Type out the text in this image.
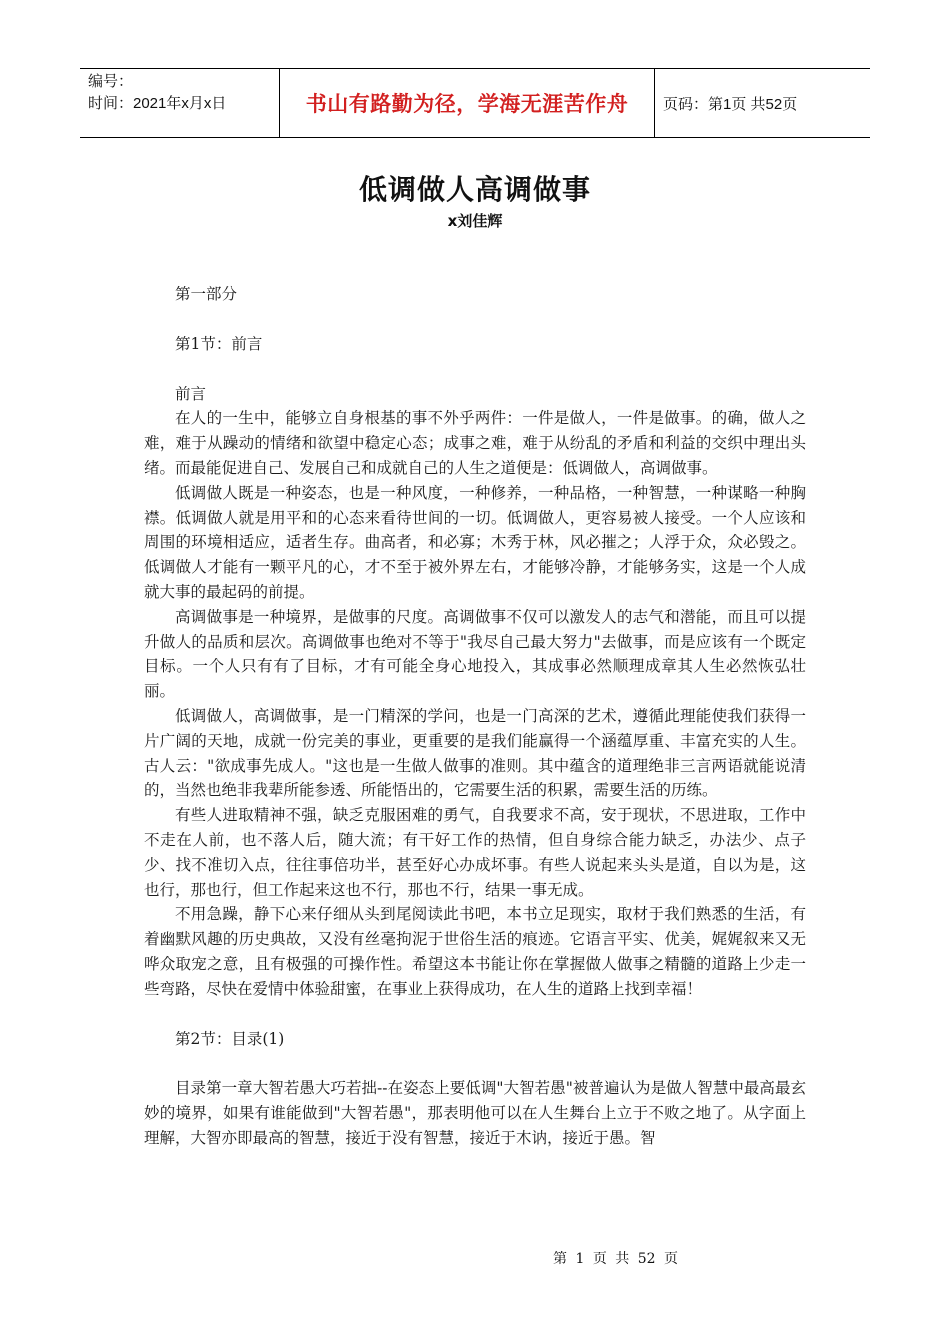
编号：
时间：2021年x月x日	书山有路勤为径，学海无涯苦作舟	页码：第1页 共52页
低调做人高调做事
x刘佳辉

第一部分

第1节：前言

前言

在人的一生中，能够立自身根基的事不外乎两件：一件是做人，一件是做事。的确，做人之难，难于从躁动的情绪和欲望中稳定心态；成事之难，难于从纷乱的矛盾和利益的交织中理出头绪。而最能促进自己、发展自己和成就自己的人生之道便是：低调做人，高调做事。

低调做人既是一种姿态，也是一种风度，一种修养，一种品格，一种智慧，一种谋略一种胸襟。低调做人就是用平和的心态来看待世间的一切。低调做人，更容易被人接受。一个人应该和周围的环境相适应，适者生存。曲高者，和必寡；木秀于林，风必摧之；人浮于众，众必毁之。低调做人才能有一颗平凡的心，才不至于被外界左右，才能够冷静，才能够务实，这是一个人成就大事的最起码的前提。

高调做事是一种境界，是做事的尺度。高调做事不仅可以激发人的志气和潜能，而且可以提升做人的品质和层次。高调做事也绝对不等于"我尽自己最大努力"去做事，而是应该有一个既定目标。一个人只有有了目标，才有可能全身心地投入，其成事必然顺理成章其人生必然恢弘壮丽。

低调做人，高调做事，是一门精深的学问，也是一门高深的艺术，遵循此理能使我们获得一片广阔的天地，成就一份完美的事业，更重要的是我们能赢得一个涵蕴厚重、丰富充实的人生。古人云："欲成事先成人。"这也是一生做人做事的准则。其中蕴含的道理绝非三言两语就能说清的，当然也绝非我辈所能参透、所能悟出的，它需要生活的积累，需要生活的历练。

有些人进取精神不强，缺乏克服困难的勇气，自我要求不高，安于现状，不思进取，工作中不走在人前，也不落人后，随大流；有干好工作的热情，但自身综合能力缺乏，办法少、点子少、找不准切入点，往往事倍功半，甚至好心办成坏事。有些人说起来头头是道，自以为是，这也行，那也行，但工作起来这也不行，那也不行，结果一事无成。

不用急躁，静下心来仔细从头到尾阅读此书吧，本书立足现实，取材于我们熟悉的生活，有着幽默风趣的历史典故，又没有丝毫拘泥于世俗生活的痕迹。它语言平实、优美，娓娓叙来又无哗众取宠之意，且有极强的可操作性。希望这本书能让你在掌握做人做事之精髓的道路上少走一些弯路，尽快在爱情中体验甜蜜，在事业上获得成功，在人生的道路上找到幸福！

第2节：目录(1)

目录第一章大智若愚大巧若拙--在姿态上要低调"大智若愚"被普遍认为是做人智慧中最高最玄妙的境界，如果有谁能做到"大智若愚"，那表明他可以在人生舞台上立于不败之地了。从字面上理解，大智亦即最高的智慧，接近于没有智慧，接近于木讷，接近于愚。智

第 1 页 共 52 页
